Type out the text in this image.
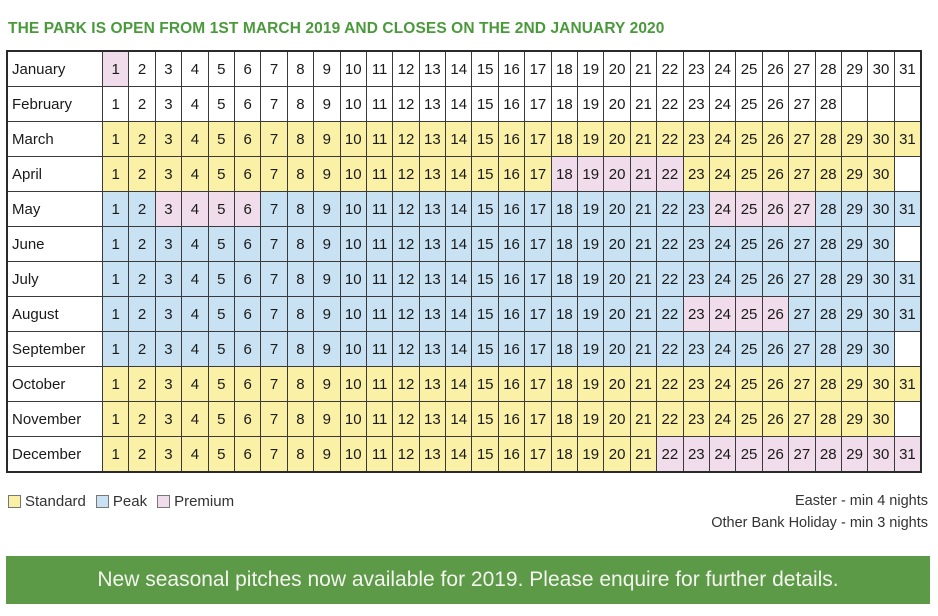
THE PARK IS OPEN FROM 1ST MARCH 2019 AND CLOSES ON THE 2ND JANUARY 2020
January	1	2	3	4	5	6	7	8	9	10	11	12	13	14	15	16	17	18	19	20	21	22	23	24	25	26	27	28	29	30	31
February	1	2	3	4	5	6	7	8	9	10	11	12	13	14	15	16	17	18	19	20	21	22	23	24	25	26	27	28			
March	1	2	3	4	5	6	7	8	9	10	11	12	13	14	15	16	17	18	19	20	21	22	23	24	25	26	27	28	29	30	31
April	1	2	3	4	5	6	7	8	9	10	11	12	13	14	15	16	17	18	19	20	21	22	23	24	25	26	27	28	29	30	
May	1	2	3	4	5	6	7	8	9	10	11	12	13	14	15	16	17	18	19	20	21	22	23	24	25	26	27	28	29	30	31
June	1	2	3	4	5	6	7	8	9	10	11	12	13	14	15	16	17	18	19	20	21	22	23	24	25	26	27	28	29	30	
July	1	2	3	4	5	6	7	8	9	10	11	12	13	14	15	16	17	18	19	20	21	22	23	24	25	26	27	28	29	30	31
August	1	2	3	4	5	6	7	8	9	10	11	12	13	14	15	16	17	18	19	20	21	22	23	24	25	26	27	28	29	30	31
September	1	2	3	4	5	6	7	8	9	10	11	12	13	14	15	16	17	18	19	20	21	22	23	24	25	26	27	28	29	30	
October	1	2	3	4	5	6	7	8	9	10	11	12	13	14	15	16	17	18	19	20	21	22	23	24	25	26	27	28	29	30	31
November	1	2	3	4	5	6	7	8	9	10	11	12	13	14	15	16	17	18	19	20	21	22	23	24	25	26	27	28	29	30	
December	1	2	3	4	5	6	7	8	9	10	11	12	13	14	15	16	17	18	19	20	21	22	23	24	25	26	27	28	29	30	31
Standard Peak Premium	Easter - min 4 nights
Other Bank Holiday - min 3 nights
New seasonal pitches now available for 2019. Please enquire for further details.
